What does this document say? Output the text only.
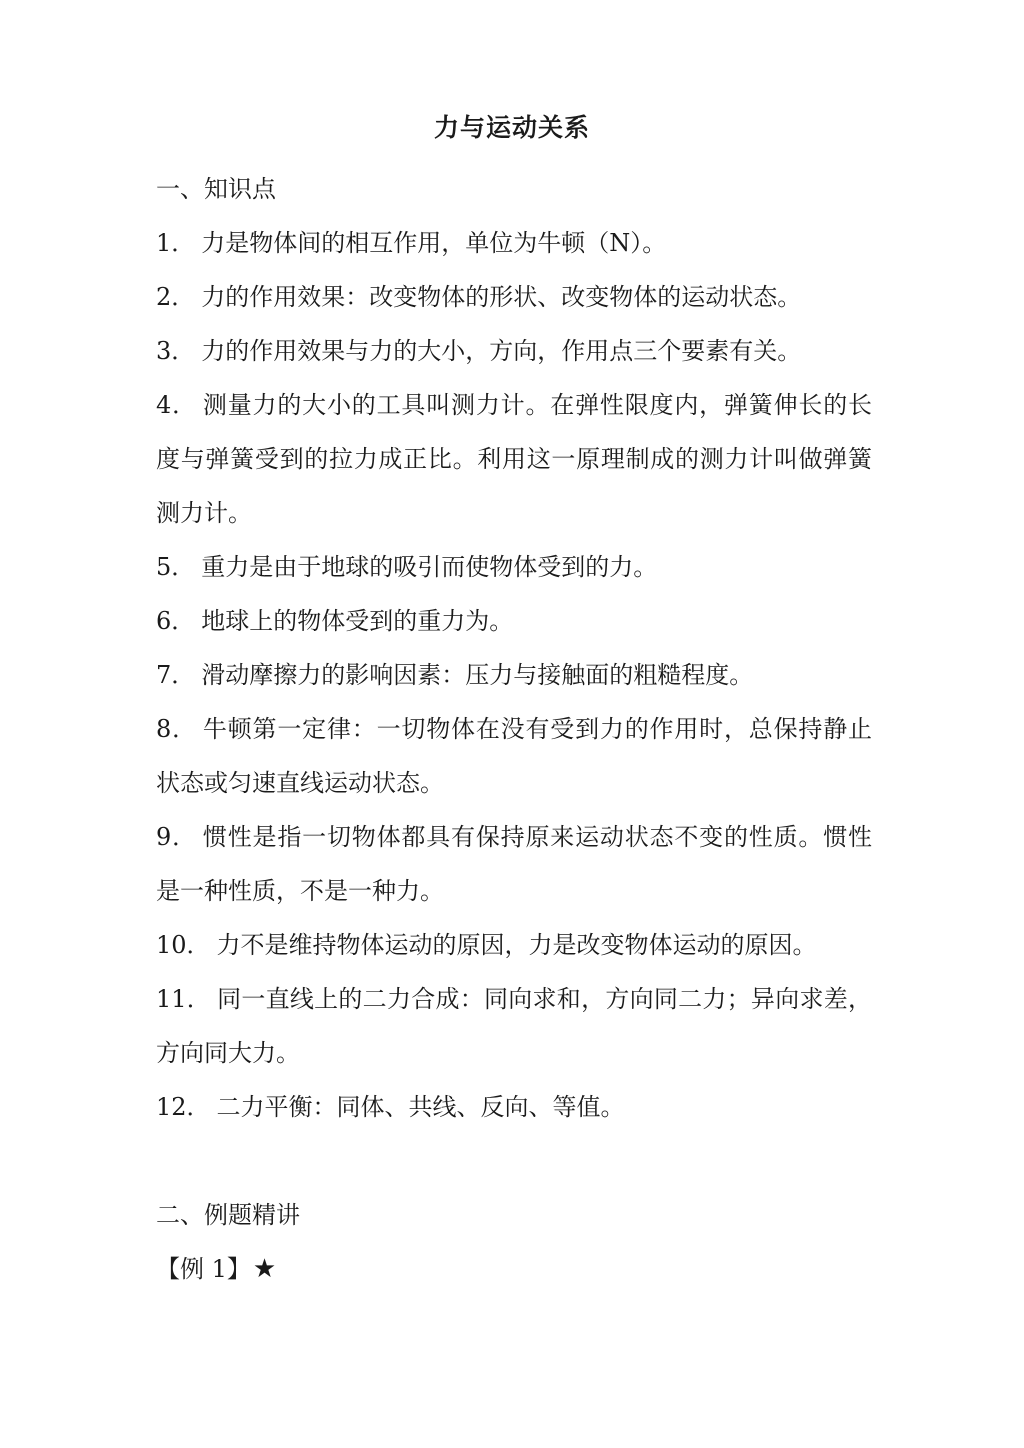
力与运动关系

一、知识点

1． 力是物体间的相互作用，单位为牛顿（N）。

2． 力的作用效果：改变物体的形状、改变物体的运动状态。

3． 力的作用效果与力的大小，方向，作用点三个要素有关。

4． 测量力的大小的工具叫测力计。在弹性限度内，弹簧伸长的长度与弹簧受到的拉力成正比。利用这一原理制成的测力计叫做弹簧测力计。

5． 重力是由于地球的吸引而使物体受到的力。

6． 地球上的物体受到的重力为。

7． 滑动摩擦力的影响因素：压力与接触面的粗糙程度。

8． 牛顿第一定律：一切物体在没有受到力的作用时，总保持静止状态或匀速直线运动状态。

9． 惯性是指一切物体都具有保持原来运动状态不变的性质。惯性是一种性质，不是一种力。

10． 力不是维持物体运动的原因，力是改变物体运动的原因。

11． 同一直线上的二力合成：同向求和，方向同二力；异向求差，方向同大力。

12． 二力平衡：同体、共线、反向、等值。

二、例题精讲

【例 1】★
